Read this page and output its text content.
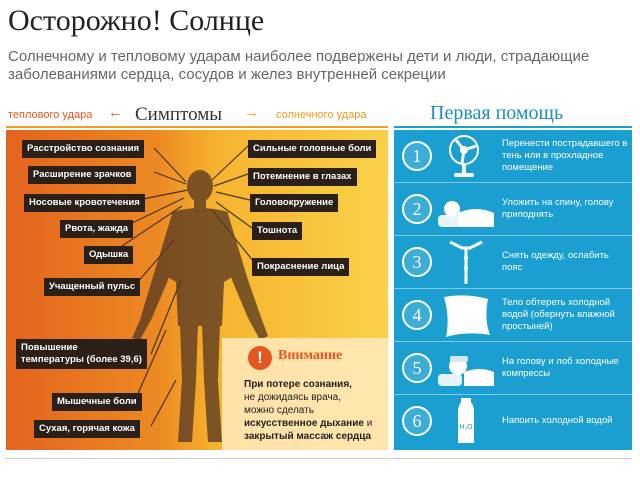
Осторожно! Солнце
Солнечному и тепловому ударам наиболее подвержены дети и люди, страдающие заболеваниями сердца, сосудов и желез внутренней секреции
теплового удара ← Симптомы → солнечного удара
Расстройство сознания
Расширение зрачков
Носовые кровотечения
Рвота, жажда
Одышка
Учащенный пульс
Повышение
температуры (более 39,6)
Мышечные боли
Сухая, горячая кожа
Сильные головные боли
Потемнение в глазах
Головокружение
Тошнота
Покраснение лица
!	Внимание
При потере сознания,
не дожидаясь врача,
можно сделать
искусственное дыхание и
закрытый массаж сердца
Первая помощь
1
Перенести пострадавшего в тень или в прохладное помещение
2	Уложить на спину, голову приподнять
3	Снять одежду, ослабить пояс
4
Тело обтереть холодной водой (обернуть влажной простыней)
5	На голову и лоб холодные компрессы
6	H₂O
Напоить холодной водой
